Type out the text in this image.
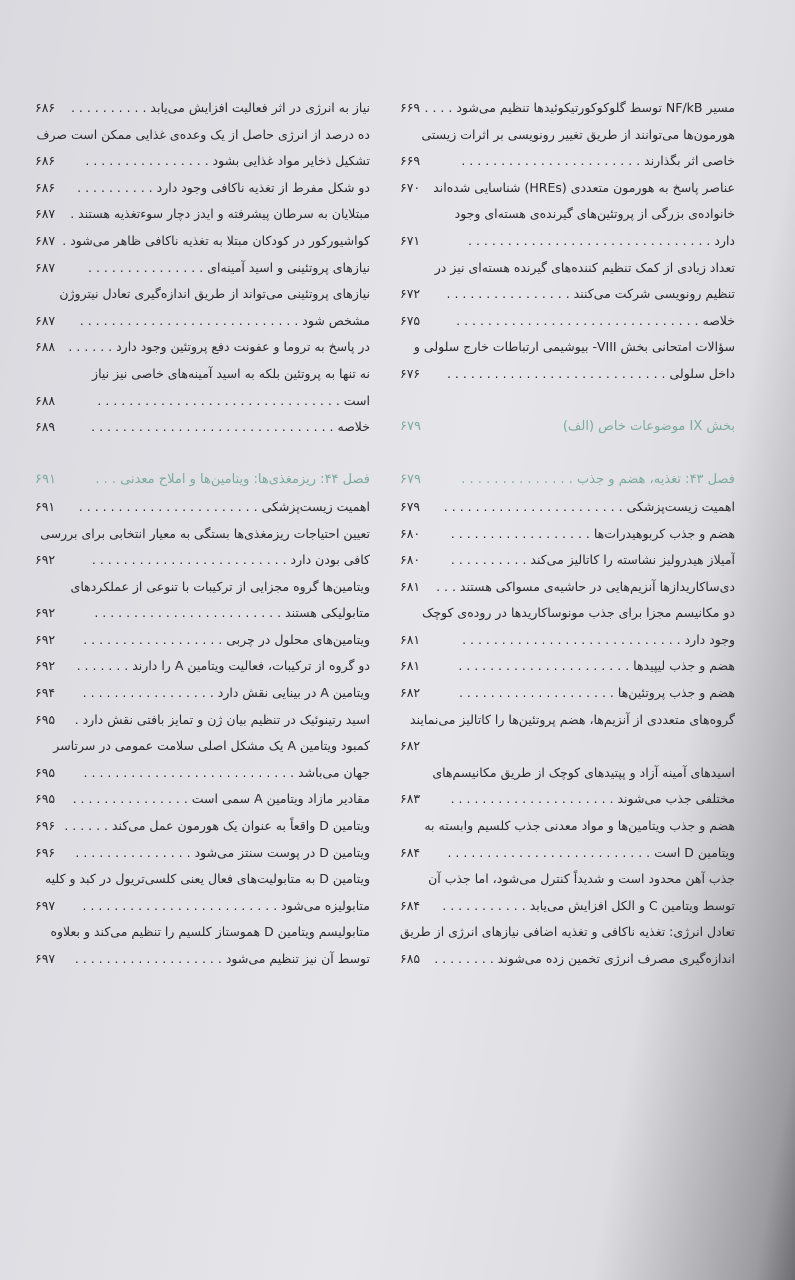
مسیر NF/kB توسط گلوکوکورتیکوئیدها تنظیم می‌شود . . . .
۶۶۹
هورمون‌ها می‌توانند از طریق تغییر رونویسی بر اثرات زیستی
خاصی اثر بگذارند . . . . . . . . . . . . . . . . . . . . . . .
۶۶۹
عناصر پاسخ به هورمون متعددی (HREs) شناسایی شده‌اند
۶۷۰
خانواده‌ی بزرگی از پروتئین‌های گیرنده‌ی هسته‌ای وجود
دارد . . . . . . . . . . . . . . . . . . . . . . . . . . . . . . .
۶۷۱
تعداد زیادی از کمک تنظیم کننده‌های گیرنده هسته‌ای نیز در
تنظیم رونویسی شرکت می‌کنند . . . . . . . . . . . . . . . .
۶۷۲
خلاصه . . . . . . . . . . . . . . . . . . . . . . . . . . . . . . .
۶۷۵
سؤالات امتحانی بخش VIII- بیوشیمی ارتباطات خارج سلولی و
داخل سلولی . . . . . . . . . . . . . . . . . . . . . . . . . . . .
۶۷۶
بخش IX موضوعات خاص (الف)
۶۷۹
فصل ۴۳: تغذیه، هضم و جذب . . . . . . . . . . . . . .
۶۷۹
اهمیت زیست‌پزشکی . . . . . . . . . . . . . . . . . . . . . . .
۶۷۹
هضم و جذب کربوهیدرات‌ها . . . . . . . . . . . . . . . . . .
۶۸۰
آمیلاز هیدرولیز نشاسته را کاتالیز می‌کند . . . . . . . . . .
۶۸۰
دی‌ساکاریدازها آنزیم‌هایی در حاشیه‌ی مسواکی هستند . . .
۶۸۱
دو مکانیسم مجزا برای جذب مونوساکاریدها در روده‌ی کوچک
وجود دارد . . . . . . . . . . . . . . . . . . . . . . . . . . . .
۶۸۱
هضم و جذب لیپیدها . . . . . . . . . . . . . . . . . . . . . .
۶۸۱
هضم و جذب پروتئین‌ها . . . . . . . . . . . . . . . . . . . .
۶۸۲
گروه‌های متعددی از آنزیم‌ها، هضم پروتئین‌ها را کاتالیز می‌نمایند
۶۸۲
اسیدهای آمینه آزاد و پپتیدهای کوچک از طریق مکانیسم‌های
مختلفی جذب می‌شوند . . . . . . . . . . . . . . . . . . . . .
۶۸۳
هضم و جذب ویتامین‌ها و مواد معدنی جذب کلسیم وابسته به
ویتامین D است . . . . . . . . . . . . . . . . . . . . . . . . . .
۶۸۴
جذب آهن محدود است و شدیداً کنترل می‌شود، اما جذب آن
توسط ویتامین C و الکل افزایش می‌یابد . . . . . . . . . . .
۶۸۴
تعادل انرژی: تغذیه ناکافی و تغذیه اضافی نیازهای انرژی از طریق
اندازه‌گیری مصرف انرژی تخمین زده می‌شوند . . . . . . . .
۶۸۵
نیاز به انرژی در اثر فعالیت افزایش می‌یابد . . . . . . . . . .
۶۸۶
ده درصد از انرژی حاصل از یک وعده‌ی غذایی ممکن است صرف
تشکیل ذخایر مواد غذایی بشود . . . . . . . . . . . . . . . .
۶۸۶
دو شکل مفرط از تغذیه ناکافی وجود دارد . . . . . . . . . .
۶۸۶
مبتلایان به سرطان پیشرفته و ایدز دچار سوءتغذیه هستند .
۶۸۷
کواشیورکور در کودکان مبتلا به تغذیه ناکافی ظاهر می‌شود .
۶۸۷
نیازهای پروتئینی و اسید آمینه‌ای . . . . . . . . . . . . . . .
۶۸۷
نیازهای پروتئینی می‌تواند از طریق اندازه‌گیری تعادل نیتروژن
مشخص شود . . . . . . . . . . . . . . . . . . . . . . . . . . . .
۶۸۷
در پاسخ به تروما و عفونت دفع پروتئین وجود دارد . . . . . .
۶۸۸
نه تنها به پروتئین بلکه به اسید آمینه‌های خاصی نیز نیاز
است . . . . . . . . . . . . . . . . . . . . . . . . . . . . . . .
۶۸۸
خلاصه . . . . . . . . . . . . . . . . . . . . . . . . . . . . . . .
۶۸۹
فصل ۴۴: ریزمغذی‌ها: ویتامین‌ها و املاح معدنی . . .
۶۹۱
اهمیت زیست‌پزشکی . . . . . . . . . . . . . . . . . . . . . . .
۶۹۱
تعیین احتیاجات ریزمغذی‌ها بستگی به معیار انتخابی برای بررسی
کافی بودن دارد . . . . . . . . . . . . . . . . . . . . . . . . .
۶۹۲
ویتامین‌ها گروه مجزایی از ترکیبات با تنوعی از عملکردهای
متابولیکی هستند . . . . . . . . . . . . . . . . . . . . . . . .
۶۹۲
ویتامین‌های محلول در چربی . . . . . . . . . . . . . . . . . .
۶۹۲
دو گروه از ترکیبات، فعالیت ویتامین A را دارند . . . . . . .
۶۹۲
ویتامین A در بینایی نقش دارد . . . . . . . . . . . . . . . . .
۶۹۴
اسید رتینوئیک در تنظیم بیان ژن و تمایز بافتی نقش دارد .
۶۹۵
کمبود ویتامین A یک مشکل اصلی سلامت عمومی در سرتاسر
جهان می‌باشد . . . . . . . . . . . . . . . . . . . . . . . . . . .
۶۹۵
مقادیر مازاد ویتامین A سمی است . . . . . . . . . . . . . . .
۶۹۵
ویتامین D واقعاً به عنوان یک هورمون عمل می‌کند . . . . . .
۶۹۶
ویتامین D در پوست سنتز می‌شود . . . . . . . . . . . . . . .
۶۹۶
ویتامین D به متابولیت‌های فعال یعنی کلسی‌تریول در کبد و کلیه
متابولیزه می‌شود . . . . . . . . . . . . . . . . . . . . . . . . .
۶۹۷
متابولیسم ویتامین D هموستاز کلسیم را تنظیم می‌کند و بعلاوه
توسط آن نیز تنظیم می‌شود . . . . . . . . . . . . . . . . . . .
۶۹۷
